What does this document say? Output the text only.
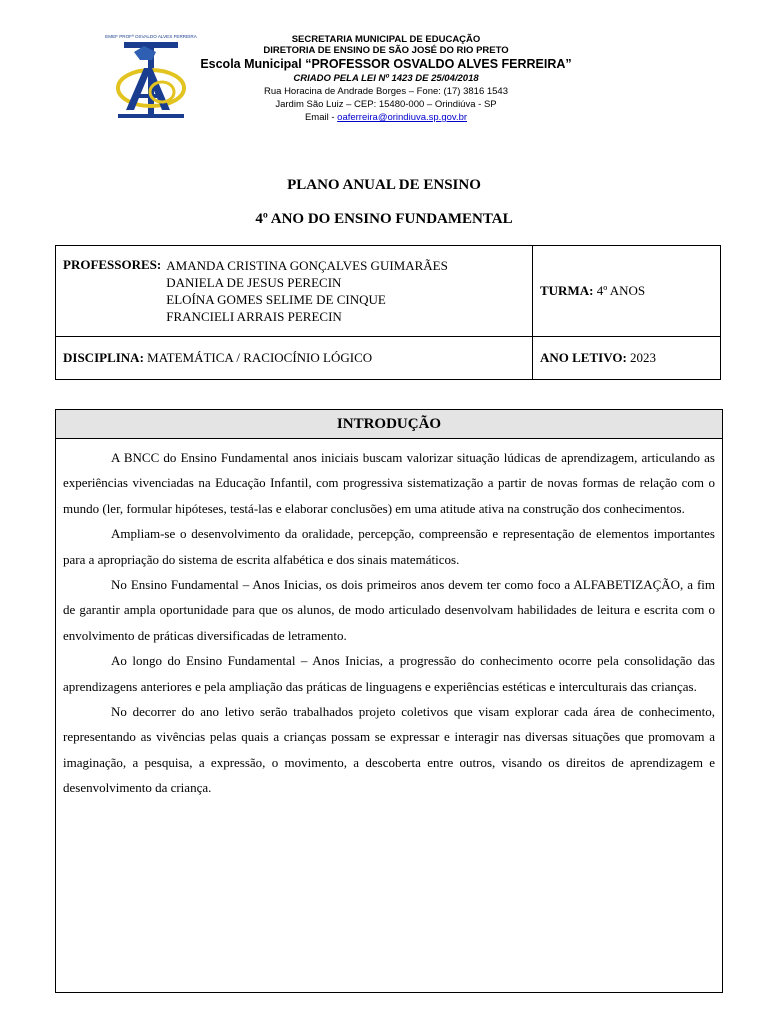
EMEF PROFª OSVALDO ALVES FERREIRA	SECRETARIA MUNICIPAL DE EDUCAÇÃO
DIRETORIA DE ENSINO DE SÃO JOSÉ DO RIO PRETO
Escola Municipal “PROFESSOR OSVALDO ALVES FERREIRA”
CRIADO PELA LEI Nº 1423 DE 25/04/2018
Rua Horacina de Andrade Borges – Fone: (17) 3816 1543
Jardim São Luiz – CEP: 15480-000 – Orindiúva - SP
Email - oaferreira@orindiuva.sp.gov.br
PLANO ANUAL DE ENSINO
4º ANO DO ENSINO FUNDAMENTAL
PROFESSORES: AMANDA CRISTINA GONÇALVES GUIMARÃES
DANIELA DE JESUS PERECIN
ELOÍNA GOMES SELIME DE CINQUE
FRANCIELI ARRAIS PERECIN	TURMA: 4º ANOS
DISCIPLINA: MATEMÁTICA / RACIOCÍNIO LÓGICO	ANO LETIVO: 2023
INTRODUÇÃO

A BNCC do Ensino Fundamental anos iniciais buscam valorizar situação lúdicas de aprendizagem, articulando as experiências vivenciadas na Educação Infantil, com progressiva sistematização a partir de novas formas de relação com o mundo (ler, formular hipóteses, testá-las e elaborar conclusões) em uma atitude ativa na construção dos conhecimentos.

Ampliam-se o desenvolvimento da oralidade, percepção, compreensão e representação de elementos importantes para a apropriação do sistema de escrita alfabética e dos sinais matemáticos.

No Ensino Fundamental – Anos Inicias, os dois primeiros anos devem ter como foco a ALFABETIZAÇÃO, a fim de garantir ampla oportunidade para que os alunos, de modo articulado desenvolvam habilidades de leitura e escrita com o envolvimento de práticas diversificadas de letramento.

Ao longo do Ensino Fundamental – Anos Inicias, a progressão do conhecimento ocorre pela consolidação das aprendizagens anteriores e pela ampliação das práticas de linguagens e experiências estéticas e interculturais das crianças.

No decorrer do ano letivo serão trabalhados projeto coletivos que visam explorar cada área de conhecimento, representando as vivências pelas quais a crianças possam se expressar e interagir nas diversas situações que promovam a imaginação, a pesquisa, a expressão, o movimento, a descoberta entre outros, visando os direitos de aprendizagem e desenvolvimento da criança.
